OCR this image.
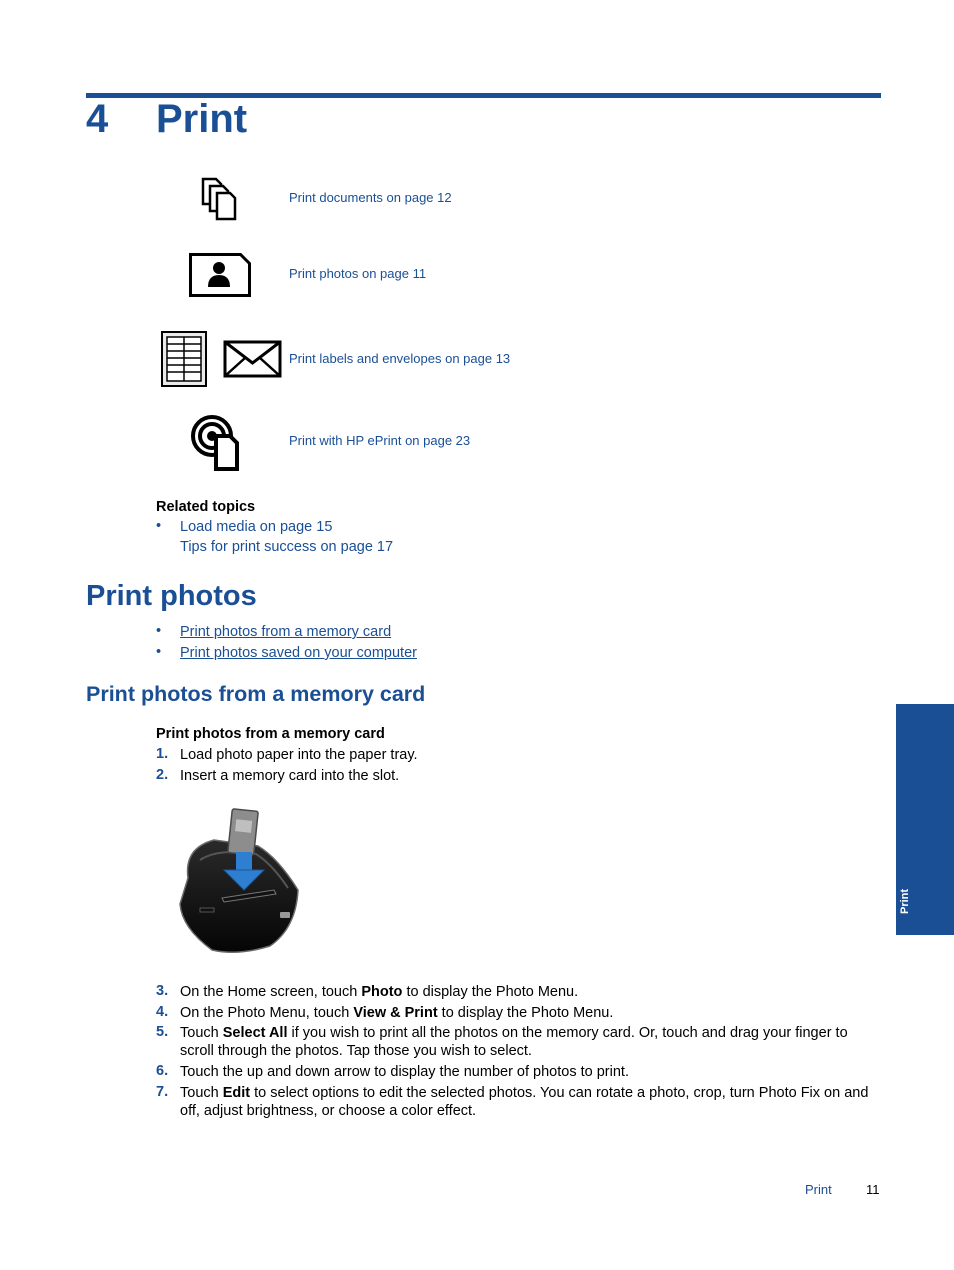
4 Print
Print documents on page 12
Print photos on page 11
Print labels and envelopes on page 13
Print with HP ePrint on page 23
Related topics
• Load media on page 15
Tips for print success on page 17
Print photos
• Print photos from a memory card
• Print photos saved on your computer
Print photos from a memory card
Print photos from a memory card
1. Load photo paper into the paper tray.
2. Insert a memory card into the slot.
3. On the Home screen, touch Photo to display the Photo Menu.
4. On the Photo Menu, touch View & Print to display the Photo Menu.
5. Touch Select All if you wish to print all the photos on the memory card. Or, touch and drag your finger to scroll through the photos. Tap those you wish to select.
6. Touch the up and down arrow to display the number of photos to print.
7. Touch Edit to select options to edit the selected photos. You can rotate a photo, crop, turn Photo Fix on and off, adjust brightness, or choose a color effect.
Print
Print	11
